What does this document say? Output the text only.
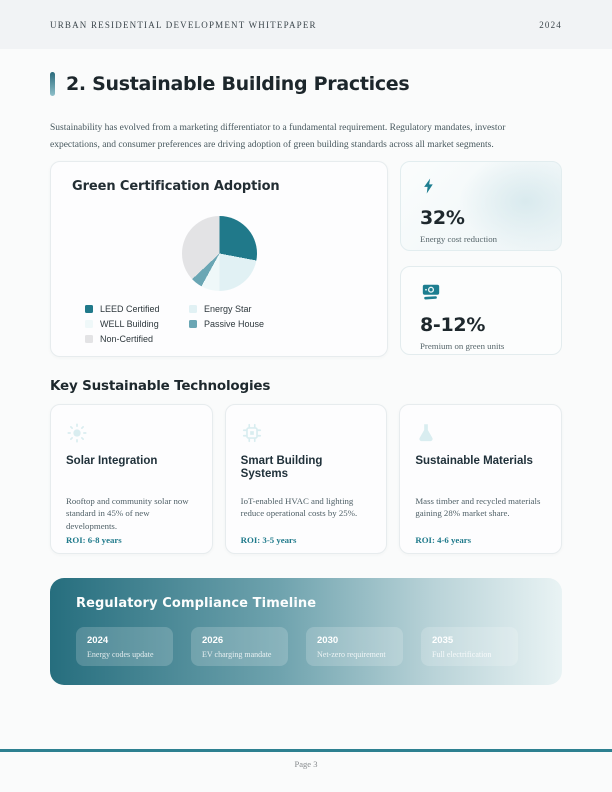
URBAN RESIDENTIAL DEVELOPMENT WHITEPAPER	2024
2. Sustainable Building Practices

Sustainability has evolved from a marketing differentiator to a fundamental requirement. Regulatory mandates, investor expectations, and consumer preferences are driving adoption of green building standards across all market segments.

Green Certification Adoption
LEED Certified	Energy Star
WELL Building	Passive House
Non-Certified
32%
Energy cost reduction
8-12%
Premium on green units
Key Sustainable Technologies
Solar Integration
Rooftop and community solar now standard in 45% of new developments.
ROI: 6-8 years
Smart Building Systems
IoT-enabled HVAC and lighting reduce operational costs by 25%.
ROI: 3-5 years
Sustainable Materials
Mass timber and recycled materials gaining 28% market share.
ROI: 4-6 years
Regulatory Compliance Timeline
2024
Energy codes update
2026
EV charging mandate
2030
Net-zero requirement
2035
Full electrification
Page 3
